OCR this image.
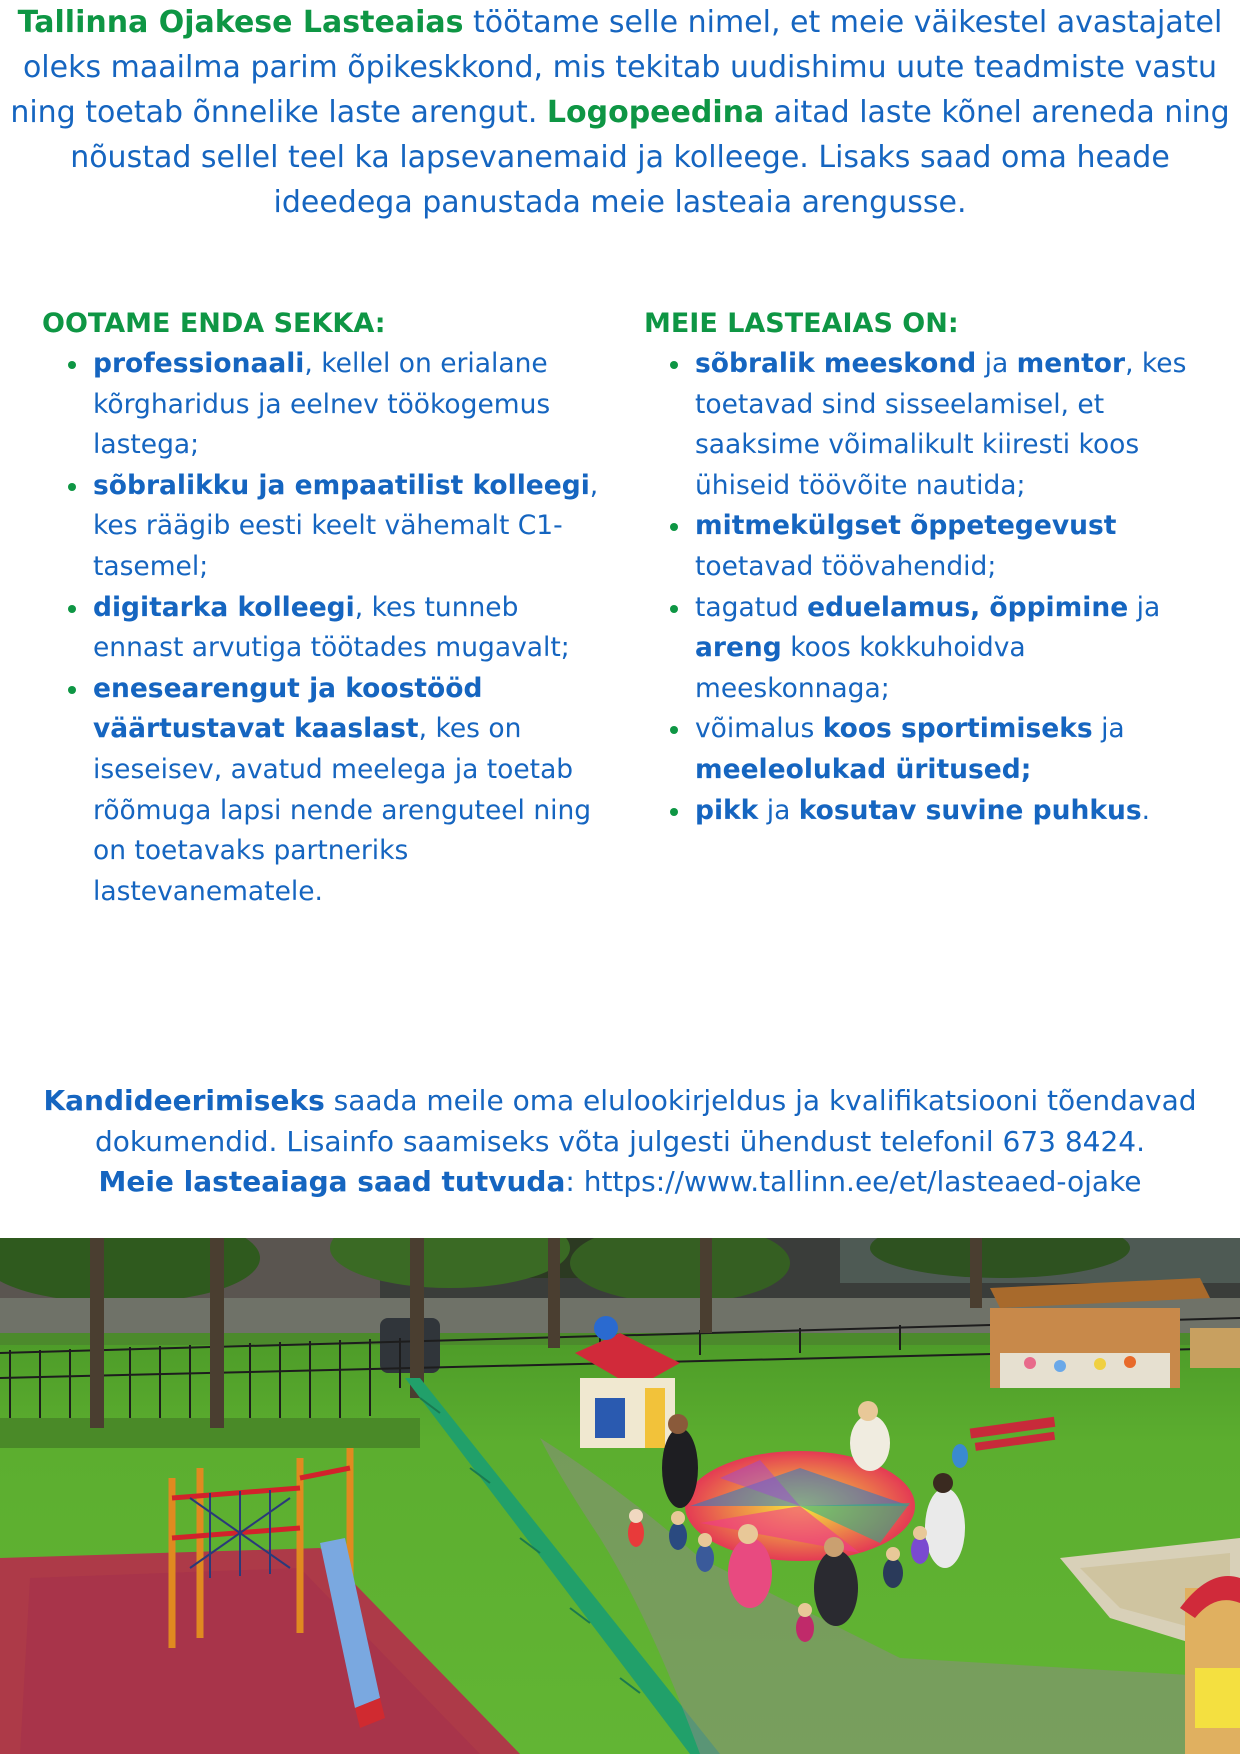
Tallinna Ojakese Lasteaias töötame selle nimel, et meie väikestel avastajatel oleks maailma parim õpikeskkond, mis tekitab uudishimu uute teadmiste vastu ning toetab õnnelike laste arengut. Logopeedina aitad laste kõnel areneda ning nõustad sellel teel ka lapsevanemaid ja kolleege. Lisaks saad oma heade ideedega panustada meie lasteaia arengusse.
OOTAME ENDA SEKKA:
professionaali, kellel on erialane kõrgharidus ja eelnev töökogemus lastega;
sõbralikku ja empaatilist kolleegi, kes räägib eesti keelt vähemalt C1-tasemel;
digitarka kolleegi, kes tunneb ennast arvutiga töötades mugavalt;
enesearengut ja koostööd väärtustavat kaaslast, kes on iseseisev, avatud meelega ja toetab rõõmuga lapsi nende arenguteel ning on toetavaks partneriks lastevanematele.
MEIE LASTEAIAS ON:
sõbralik meeskond ja mentor, kes toetavad sind sisseelamisel, et saaksime võimalikult kiiresti koos ühiseid töövõite nautida;
mitmekülgset õppetegevust toetavad töövahendid;
tagatud eduelamus, õppimine ja areng koos kokkuhoidva meeskonnaga;
võimalus koos sportimiseks ja meeleolukad üritused;
pikk ja kosutav suvine puhkus.
Kandideerimiseks saada meile oma elulookirjeldus ja kvalifikatsiooni tõendavad dokumendid. Lisainfo saamiseks võta julgesti ühendust telefonil 673 8424.
Meie lasteaiaga saad tutvuda: https://www.tallinn.ee/et/lasteaed-ojake
